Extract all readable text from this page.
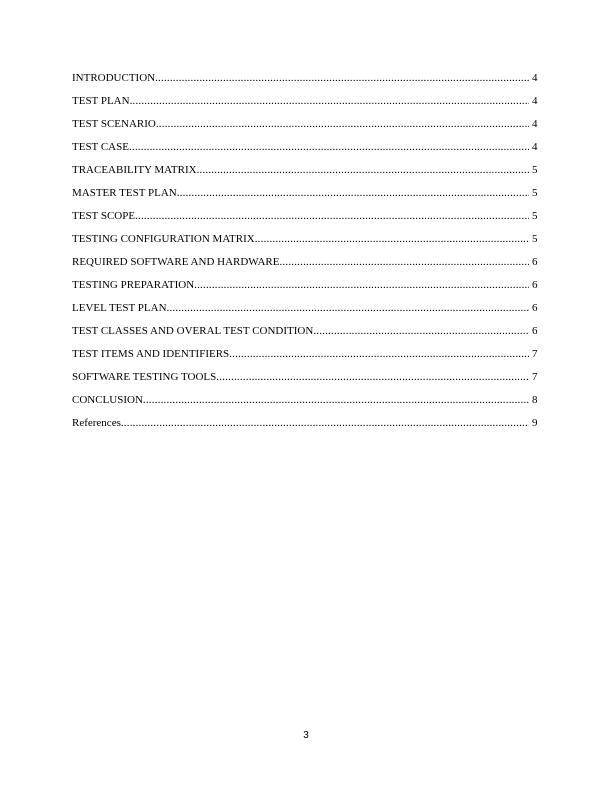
INTRODUCTION .....	4
TEST PLAN .....	4
TEST SCENARIO .....	4
TEST CASE .....	4
TRACEABILITY MATRIX .....	5
MASTER TEST PLAN .....	5
TEST SCOPE .....	5
TESTING CONFIGURATION MATRIX .....	5
REQUIRED SOFTWARE AND HARDWARE .....	6
TESTING PREPARATION .....	6
LEVEL TEST PLAN .....	6
TEST CLASSES AND OVERAL TEST CONDITION .....	6
TEST ITEMS AND IDENTIFIERS .....	7
SOFTWARE TESTING TOOLS .....	7
CONCLUSION .....	8
References .....	9
3
